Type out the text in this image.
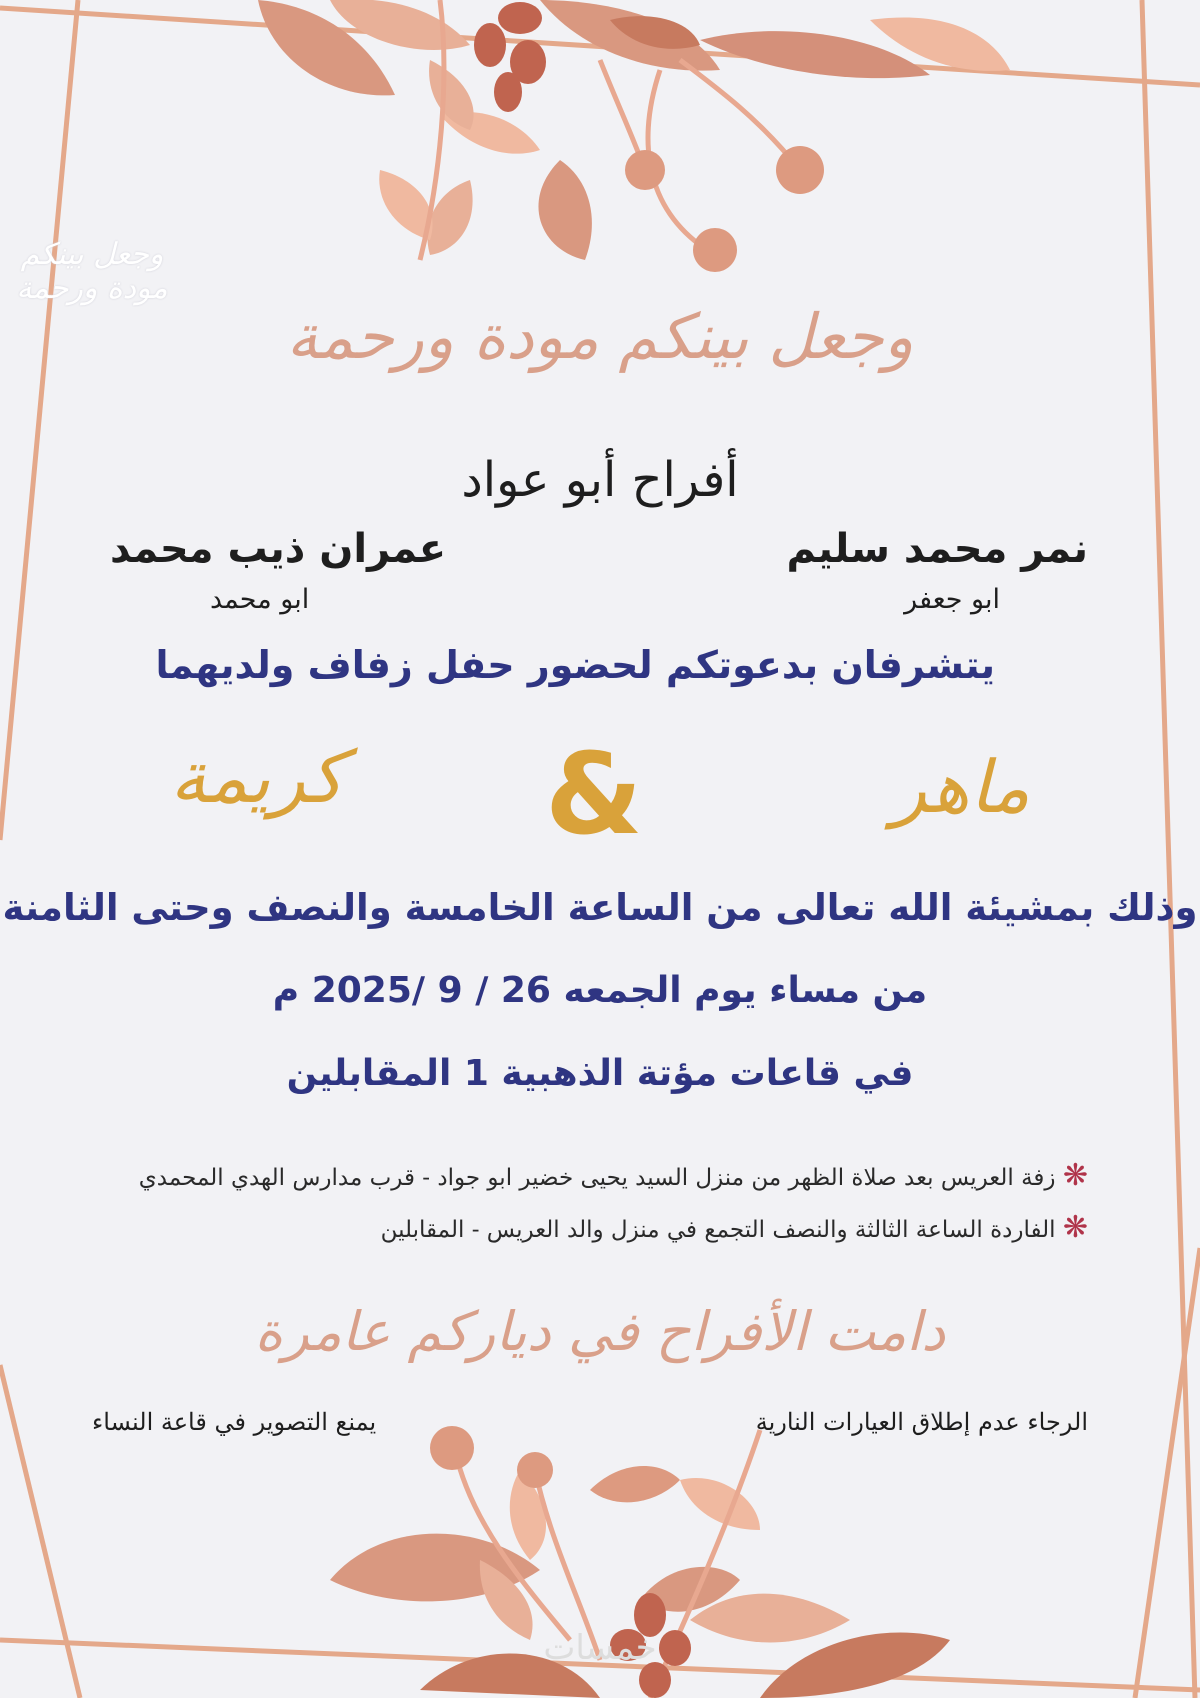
وجعل بينكم مودة ورحمة
وجعل بينكم مودة ورحمة
أفراح أبو عواد
نمر محمد سليم
ابو جعفر
عمران ذيب محمد
ابو محمد
يتشرفان بدعوتكم لحضور حفل زفاف ولديهما
ماهر
&
كريمة
وذلك بمشيئة الله تعالى من الساعة الخامسة والنصف وحتى الثامنة
من مساء يوم الجمعه 26 / 9 /2025 م
في قاعات مؤتة الذهبية 1 المقابلين
❋ زفة العريس بعد صلاة الظهر من منزل السيد يحيى خضير ابو جواد - قرب مدارس الهدي المحمدي
❋ الفاردة الساعة الثالثة والنصف التجمع في منزل والد العريس - المقابلين
دامت الأفراح في دياركم عامرة
الرجاء عدم إطلاق العيارات النارية
يمنع التصوير في قاعة النساء
خمسات
